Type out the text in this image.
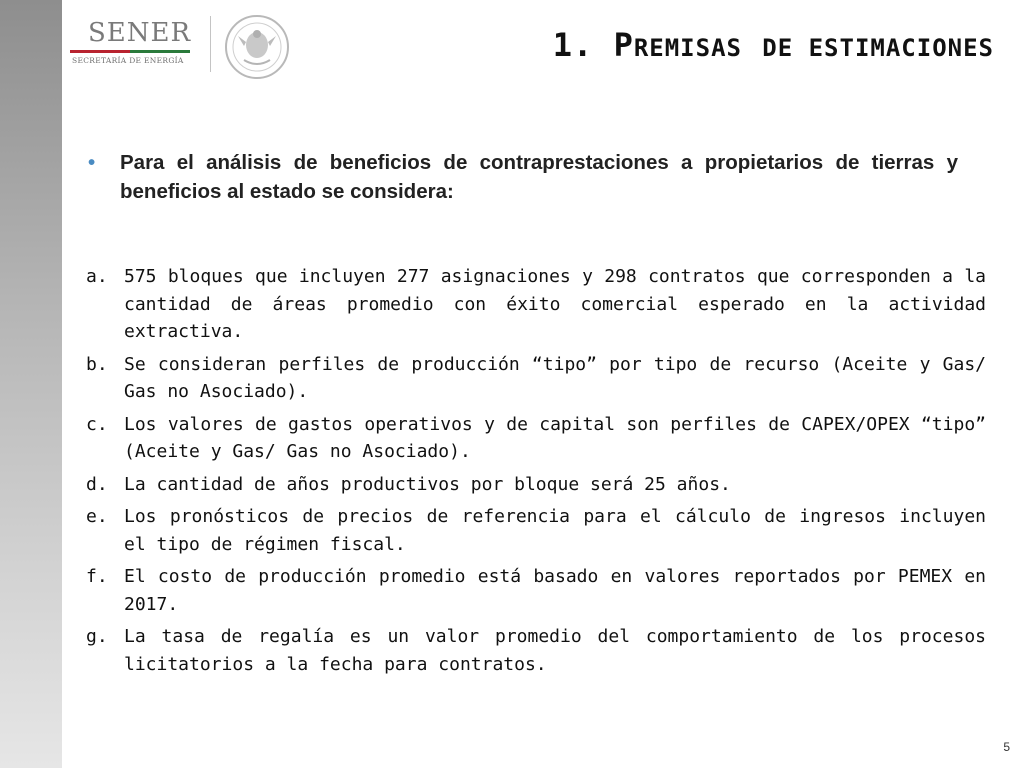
SENER
SECRETARÍA DE ENERGÍA	1. PREMISAS DE ESTIMACIONES
•	Para el análisis de beneficios de contraprestaciones a propietarios de tierras y beneficios al estado se considera:
a. 575 bloques que incluyen 277 asignaciones y 298 contratos que corresponden a la cantidad de áreas promedio con éxito comercial esperado en la actividad extractiva.
b. Se consideran perfiles de producción “tipo” por tipo de recurso (Aceite y Gas/ Gas no Asociado).
c. Los valores de gastos operativos y de capital son perfiles de CAPEX/OPEX “tipo” (Aceite y Gas/ Gas no Asociado).
d. La cantidad de años productivos por bloque será 25 años.
e. Los pronósticos de precios de referencia para el cálculo de ingresos incluyen el tipo de régimen fiscal.
f. El costo de producción promedio está basado en valores reportados por PEMEX en 2017.
g. La tasa de regalía es un valor promedio del comportamiento de los procesos licitatorios a la fecha para contratos.
5
